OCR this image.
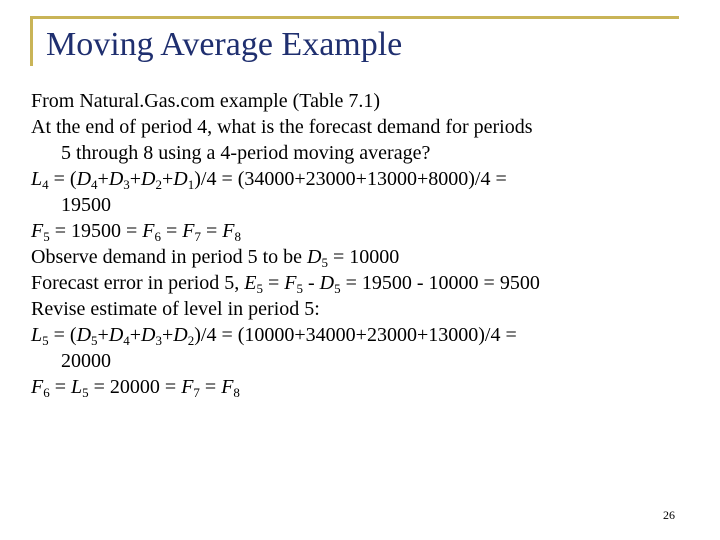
Moving Average Example
From Natural.Gas.com example (Table 7.1)
At the end of period 4, what is the forecast demand for periods
5 through 8 using a 4-period moving average?
$L_4 = (D_4+D_3+D_2+D_1)/4 = (34000+23000+13000+8000)/4$ =
19500
$F_5 = 19500 = F_6 = F_7 = F_8$
Observe demand in period 5 to be $D_5 = 10000$
Forecast error in period 5, $E_5 = F_5 - D_5 = 19500 - 10000 = 9500$
Revise estimate of level in period 5:
$L_5 = (D_5+D_4+D_3+D_2)/4 = (10000+34000+23000+13000)/4$ =
20000
$F_6 = L_5 = 20000 = F_7 = F_8$
26
